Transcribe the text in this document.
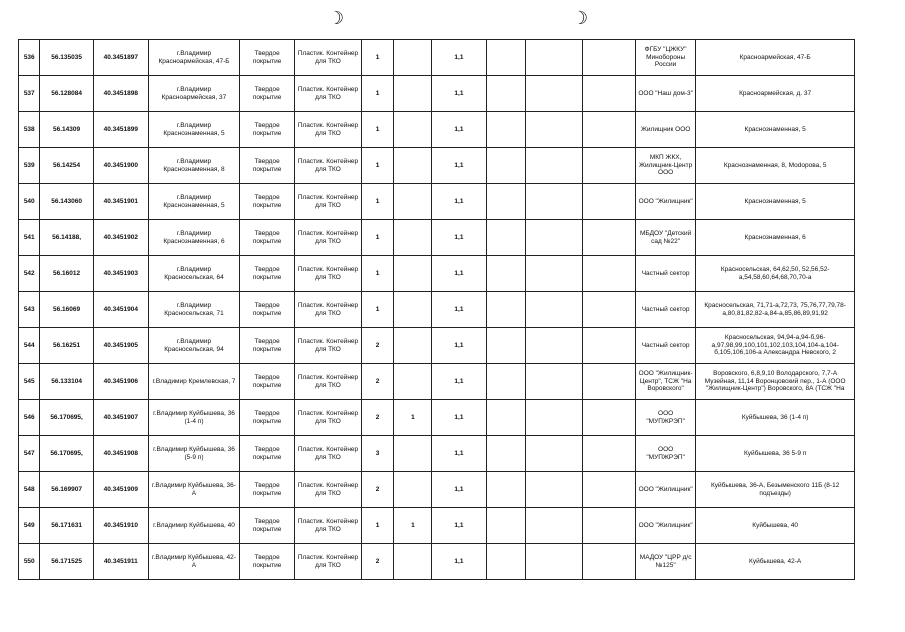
☽	☽
536	56.135035	40.3451897	г.Владимир Красноармейская, 47-Б	Твердое покрытие	Пластик. Контейнер для ТКО	1		1,1				ФГБУ "ЦЖКУ" Минобороны России	Красноармейская, 47-Б
537	56.128084	40.3451898	г.Владимир Красноармейская, 37	Твердое покрытие	Пластик. Контейнер для ТКО	1		1,1				ООО "Наш дом-3"	Красноармейская, д. 37
538	56.14309	40.3451899	г.Владимир Краснознаменная, 5	Твердое покрытие	Пластик. Контейнер для ТКО	1		1,1				Жилищник ООО	Краснознаменная, 5
539	56.14254	40.3451900	г.Владимир Краснознаменная, 8	Твердое покрытие	Пластик. Контейнер для ТКО	1		1,1				МКП ЖКХ, Жилищник-Центр ООО	Краснознаменная, 8, Моdорова, 5
540	56.143060	40.3451901	г.Владимир Краснознаменная, 5	Твердое покрытие	Пластик. Контейнер для ТКО	1		1,1				ООО "Жилищник"	Краснознаменная, 5
541	56.14188,	40.3451902	г.Владимир Краснознаменная, 6	Твердое покрытие	Пластик. Контейнер для ТКО	1		1,1				МБДОУ "Детский сад №22"	Краснознаменная, 6
542	56.16012	40.3451903	г.Владимир Красносельская, 64	Твердое покрытие	Пластик. Контейнер для ТКО	1		1,1				Частный сектор	Красносельская, 64,62,50, 52,56,52-а,54,58,60,64,68,70,70-а
543	56.16069	40.3451904	г.Владимир Красносельская, 71	Твердое покрытие	Пластик. Контейнер для ТКО	1		1,1				Частный сектор	Красносельская, 71,71-а,72,73, 75,76,77,79,78-а,80,81,82,82-а,84-а,85,86,89,91,92
544	56.16251	40.3451905	г.Владимир Красносельская, 94	Твердое покрытие	Пластик. Контейнер для ТКО	2		1,1				Частный сектор	Красносельская, 94,94-а,94-б,96-а,97,98,99,100,101,102,103,104,104-а,104-б,105,106,106-а Александра Невского, 2
545	56.133104	40.3451906	г.Владимир Кремлевская, 7	Твердое покрытие	Пластик. Контейнер для ТКО	2		1,1				ООО "Жилищник-Центр", ТСЖ "На Воровского"	Воровского, 6,8,9,10 Володарского, 7,7-А Музейная, 11,14 Воронцовский пер., 1-А (ООО "Жилищник-Центр") Воровского, 8А (ТСЖ "На
546	56.170695,	40.3451907	г.Владимир Куйбышева, 36 (1-4 п)	Твердое покрытие	Пластик. Контейнер для ТКО	2	1	1,1				ООО "МУПЖРЭП"	Куйбышева, 36 (1-4 п)
547	56.170695,	40.3451908	г.Владимир Куйбышева, 36 (5-9 п)	Твердое покрытие	Пластик. Контейнер для ТКО	3		1,1				ООО "МУПЖРЭП"	Куйбышева, 36 5-9 п
548	56.169907	40.3451909	г.Владимир Куйбышева, 36-А	Твердое покрытие	Пластик. Контейнер для ТКО	2		1,1				ООО "Жилищник"	Куйбышева, 36-А, Безыменского 11Б (8-12 подъезды)
549	56.171631	40.3451910	г.Владимир Куйбышева, 40	Твердое покрытие	Пластик. Контейнер для ТКО	1	1	1,1				ООО "Жилищник"	Куйбышева, 40
550	56.171525	40.3451911	г.Владимир Куйбышева, 42-А	Твердое покрытие	Пластик. Контейнер для ТКО	2		1,1				МАДОУ "ЦРР д/с №125"	Куйбышева, 42-А
